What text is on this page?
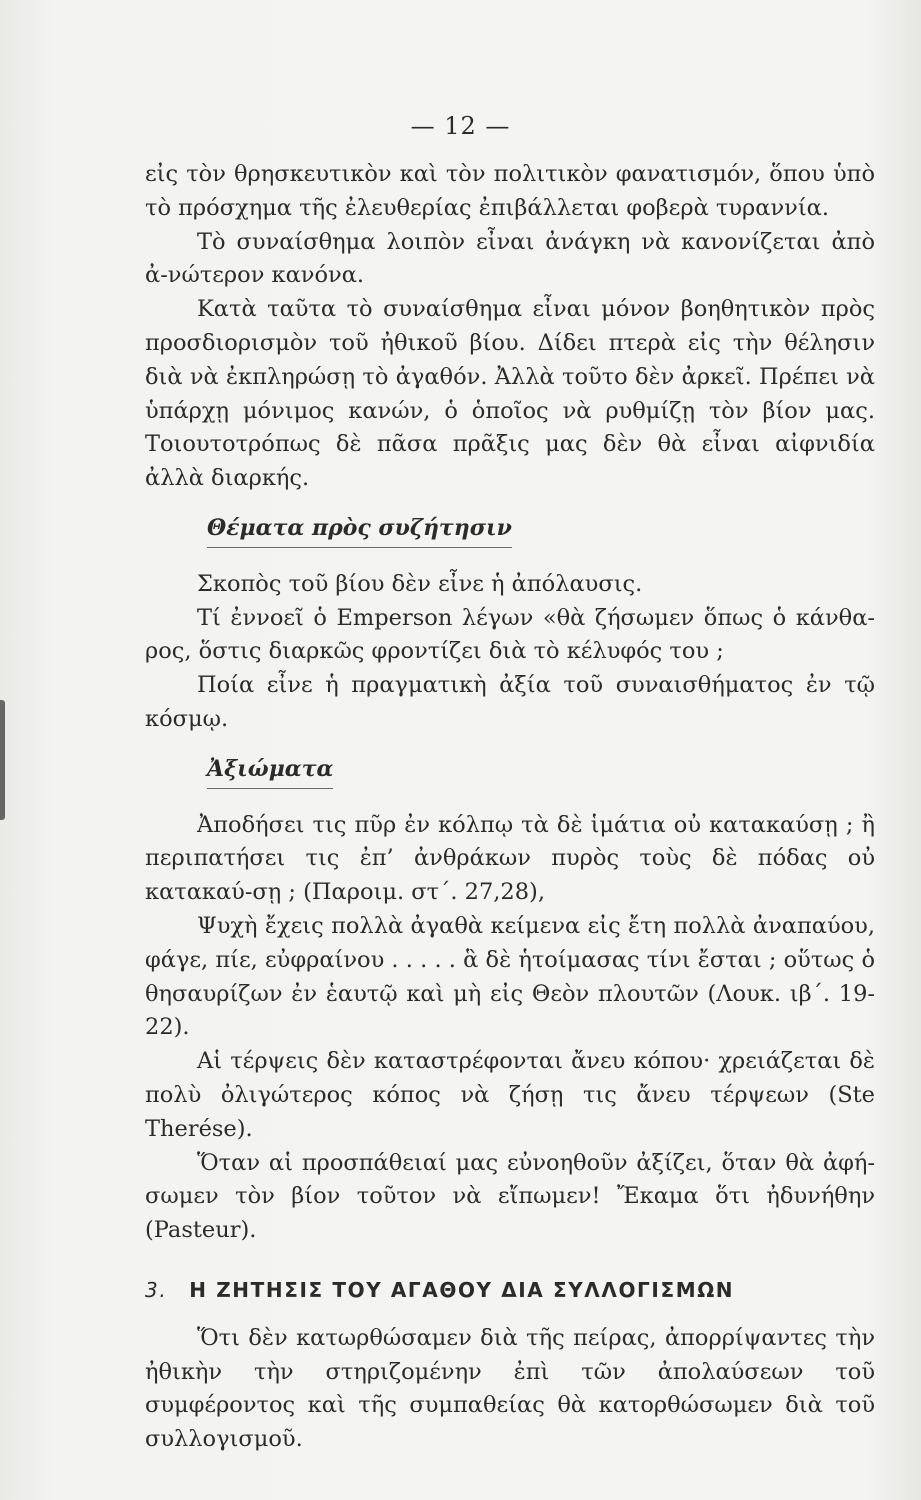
— 12 —

εἰς τὸν θρησκευτικὸν καὶ τὸν πολιτικὸν φανατισμόν, ὅπου ὑπὸ τὸ πρόσχημα τῆς ἐλευθερίας ἐπιβάλλεται φοβερὰ τυραννία.

Τὸ συναίσθημα λοιπὸν εἶναι ἀνάγκη νὰ κανονίζεται ἀπὸ ἀ-νώτερον κανόνα.

Κατὰ ταῦτα τὸ συναίσθημα εἶναι μόνον βοηθητικὸν πρὸς προσδιορισμὸν τοῦ ἠθικοῦ βίου. Δίδει πτερὰ εἰς τὴν θέλησιν διὰ νὰ ἐκπληρώσῃ τὸ ἀγαθόν. Ἀλλὰ τοῦτο δὲν ἀρκεῖ. Πρέπει νὰ ὑπάρχῃ μόνιμος κανών, ὁ ὁποῖος νὰ ρυθμίζῃ τὸν βίον μας. Τοιουτοτρόπως δὲ πᾶσα πρᾶξις μας δὲν θὰ εἶναι αἰφνιδία ἀλλὰ διαρκής.

Θέματα πρὸς συζήτησιν

Σκοπὸς τοῦ βίου δὲν εἶνε ἡ ἀπόλαυσις.

Τί ἐννοεῖ ὁ Emperson λέγων «θὰ ζήσωμεν ὅπως ὁ κάνθα-ρος, ὅστις διαρκῶς φροντίζει διὰ τὸ κέλυφός του ;

Ποία εἶνε ἡ πραγματικὴ ἀξία τοῦ συναισθήματος ἐν τῷ κόσμῳ.

Ἀξιώματα

Ἀποδήσει τις πῦρ ἐν κόλπῳ τὰ δὲ ἱμάτια οὐ κατακαύσῃ ; ἢ περιπατήσει τις ἐπ’ ἀνθράκων πυρὸς τοὺς δὲ πόδας οὐ κατακαύ-σῃ ; (Παροιμ. στ΄. 27,28),

Ψυχὴ ἔχεις πολλὰ ἀγαθὰ κείμενα εἰς ἔτη πολλὰ ἀναπαύου, φάγε, πίε, εὐφραίνου . . . . . ἃ δὲ ἡτοίμασας τίνι ἔσται ; οὕτως ὁ θησαυρίζων ἐν ἑαυτῷ καὶ μὴ εἰς Θεὸν πλουτῶν (Λουκ. ιβ΄. 19-22).

Αἱ τέρψεις δὲν καταστρέφονται ἄνευ κόπου· χρειάζεται δὲ πολὺ ὀλιγώτερος κόπος νὰ ζήσῃ τις ἄνευ τέρψεων (Ste Therése).

Ὅταν αἱ προσπάθειαί μας εὐνοηθοῦν ἀξίζει, ὅταν θὰ ἀφή-σωμεν τὸν βίον τοῦτον νὰ εἴπωμεν! Ἔκαμα ὅτι ἠδυνήθην (Pasteur).

3. Η ΖΗΤΗΣΙΣ ΤΟΥ ΑΓΑΘΟΥ ΔΙΑ ΣΥΛΛΟΓΙΣΜΩΝ

Ὅτι δὲν κατωρθώσαμεν διὰ τῆς πείρας, ἀπορρίψαντες τὴν ἠθικὴν τὴν στηριζομένην ἐπὶ τῶν ἀπολαύσεων τοῦ συμφέροντος καὶ τῆς συμπαθείας θὰ κατορθώσωμεν διὰ τοῦ συλλογισμοῦ.
